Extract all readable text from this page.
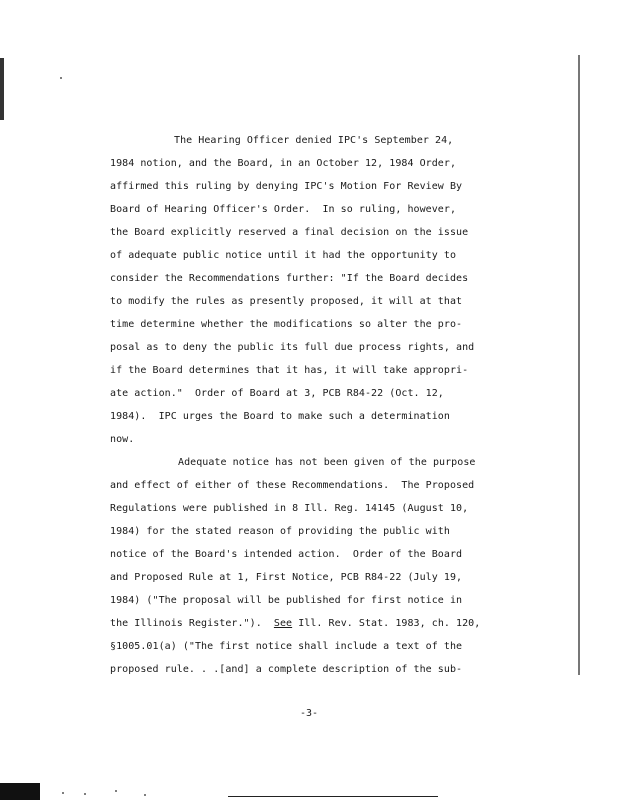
The Hearing Officer denied IPC's September 24,
1984 notion, and the Board, in an October 12, 1984 Order,
affirmed this ruling by denying IPC's Motion For Review By
Board of Hearing Officer's Order.  In so ruling, however,
the Board explicitly reserved a final decision on the issue
of adequate public notice until it had the opportunity to
consider the Recommendations further: "If the Board decides
to modify the rules as presently proposed, it will at that
time determine whether the modifications so alter the pro-
posal as to deny the public its full due process rights, and
if the Board determines that it has, it will take appropri-
ate action."  Order of Board at 3, PCB R84-22 (Oct. 12,
1984).  IPC urges the Board to make such a determination
now.
Adequate notice has not been given of the purpose
and effect of either of these Recommendations.  The Proposed
Regulations were published in 8 Ill. Reg. 14145 (August 10,
1984) for the stated reason of providing the public with
notice of the Board's intended action.  Order of the Board
and Proposed Rule at 1, First Notice, PCB R84-22 (July 19,
1984) ("The proposal will be published for first notice in
the Illinois Register.").  See Ill. Rev. Stat. 1983, ch. 120,
§1005.01(a) ("The first notice shall include a text of the
proposed rule. . .[and] a complete description of the sub-
-3-
